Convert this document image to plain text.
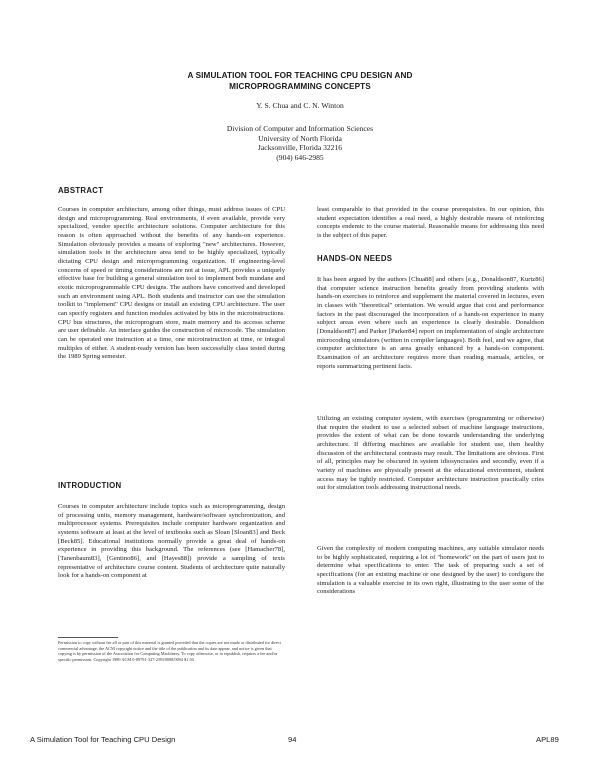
A SIMULATION TOOL FOR TEACHING CPU DESIGN AND
MICROPROGRAMMING CONCEPTS
Y. S. Chua and C. N. Winton
Division of Computer and Information Sciences
University of North Florida
Jacksonville, Florida 32216
(904) 646-2985
ABSTRACT
Courses in computer architecture, among other things, must address issues of CPU design and microprogramming. Real environments, if even available, provide very specialized, vendor specific architecture solutions. Computer architecture for this reason is often approached without the benefits of any hands-on experience. Simulation obviously provides a means of exploring "new" architectures. However, simulation tools in the architecture area tend to be highly specialized, typically dictating CPU design and microprogramming organization. If engineering-level concerns of speed or timing considerations are not at issue, APL provides a uniquely effective base for building a general simulation tool to implement both mundane and exotic microprogrammable CPU designs. The authors have conceived and developed such an environment using APL. Both students and instructor can use the simulation toolkit to "implement" CPU designs or install an existing CPU architecture. The user can specify registers and function modules activated by bits in the microinstructions. CPU bus structures, the microprogram store, main memory and its accesss scheme are user definable. An interface guides the construction of microcode. The simulation can be operated one instruction at a time, one microinstruction at time, or integral multiples of either. A student-ready version has been successfully class tested during the 1989 Spring semester.
INTRODUCTION
Courses in computer architecture include topics such as microprogramming, design of processing units, memory management, hardware/software synchronization, and multiprocessor systems. Prerequisites include computer hardware organization and systems software at least at the level of textbooks such as Sloan [Sloan83] and Beck [Beck85]. Educational institutions normally provide a great deal of hands-on experience in providing this background. The references (see [Hamacher78], [Tanenbaum83], [Gentino86], and [Hayes88]) provide a sampling of texts representative of architecture course content. Students of architecture quite naturally look for a hands-on component at
Permission to copy without fee all or part of this material is granted provided that the copies are not made or distributed for direct commercial advantage, the ACM copyright notice and the title of the publication and its date appear, and notice is given that copying is by permission of the Association for Computing Machinery. To copy otherwise, or to republish, requires a fee and/or specific permission. Copyright 1989 ACM 0-89791-327-2/89/0008/0094 $1.50
least comparable to that provided in the course prerequisites. In our opinion, this student expectation identifies a real need, a highly desirable means of reinforcing concepts endemic to the course material. Reasonable means for addressing this need is the subject of this paper.
HANDS-ON NEEDS
It has been argued by the authors [Chua88] and others [e.g., Donaldson87, Kurtz86] that computer science instruction benefits greatly from providing students with hands-on exercises to reinforce and supplement the material covered in lectures, even in classes with "theoretical" orientation. We would argue that cost and performance factors in the past discouraged the incorporation of a hands-on experience in many subject areas even where such an experience is clearly desirable. Donaldson [Donaldson87] and Parker [Parker84] report on implementation of single architecture microcoding simulators (written in compiler languages). Both feel, and we agree, that computer architecture is an area greatly enhanced by a hands-on component. Examination of an architecture requires more than reading manuals, articles, or reports summarizing pertinent facts.
Utilizing an existing computer system, with exercises (programming or otherwise) that require the student to use a selected subset of machine language instructions, provides the extent of what can be done towards understanding the underlying architecture. If differing machines are available for student use, then healthy discussion of the architectural contrasts may result. The limitations are obvious. First of all, principles may be obscured in system idiosyncrasies and secondly, even if a variety of machines are physically present at the educational environment, student access may be tightly restricted. Computer architecture instruction practically cries out for simulation tools addressing instructional needs.
Given the complexity of modern computing machines, any suitable simulator needs to be highly sophisticated, requiring a lot of "homework" on the part of users just to determine what specifications to enter. The task of preparing such a set of specifications (for an existing machine or one designed by the user) to configure the simulation is a valuable exercise in its own right, illustrating to the user some of the considerations
A Simulation Tool for Teaching CPU Design	94	APL89
